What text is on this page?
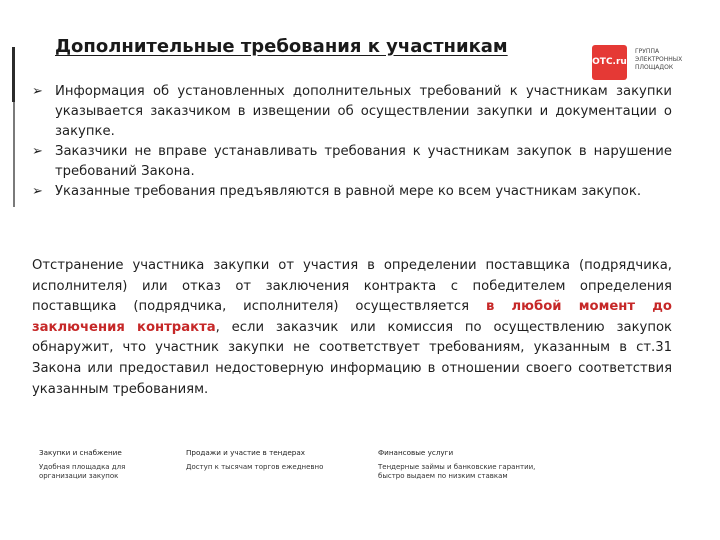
Дополнительные требования к участникам
ОТС.ru
ГРУППА
ЭЛЕКТРОННЫХ
ПЛОЩАДОК
➢ Информация об установленных дополнительных требований к участникам закупки указывается заказчиком в извещении об осуществлении закупки и документации о закупке.
➢ Заказчики не вправе устанавливать требования к участникам закупок в нарушение требований Закона.
➢ Указанные требования предъявляются в равной мере ко всем участникам закупок.
Отстранение участника закупки от участия в определении поставщика (подрядчика, исполнителя) или отказ от заключения контракта с победителем определения поставщика (подрядчика, исполнителя) осуществляется в любой момент до заключения контракта, если заказчик или комиссия по осуществлению закупок обнаружит, что участник закупки не соответствует требованиям, указанным в ст.31 Закона или предоставил недостоверную информацию в отношении своего соответствия указанным требованиям.
Закупки и снабжение
Удобная площадка для
организации закупок
Продажи и участие в тендерах
Доступ к тысячам торгов ежедневно
Финансовые услуги
Тендерные займы и банковские гарантии,
быстро выдаем по низким ставкам
